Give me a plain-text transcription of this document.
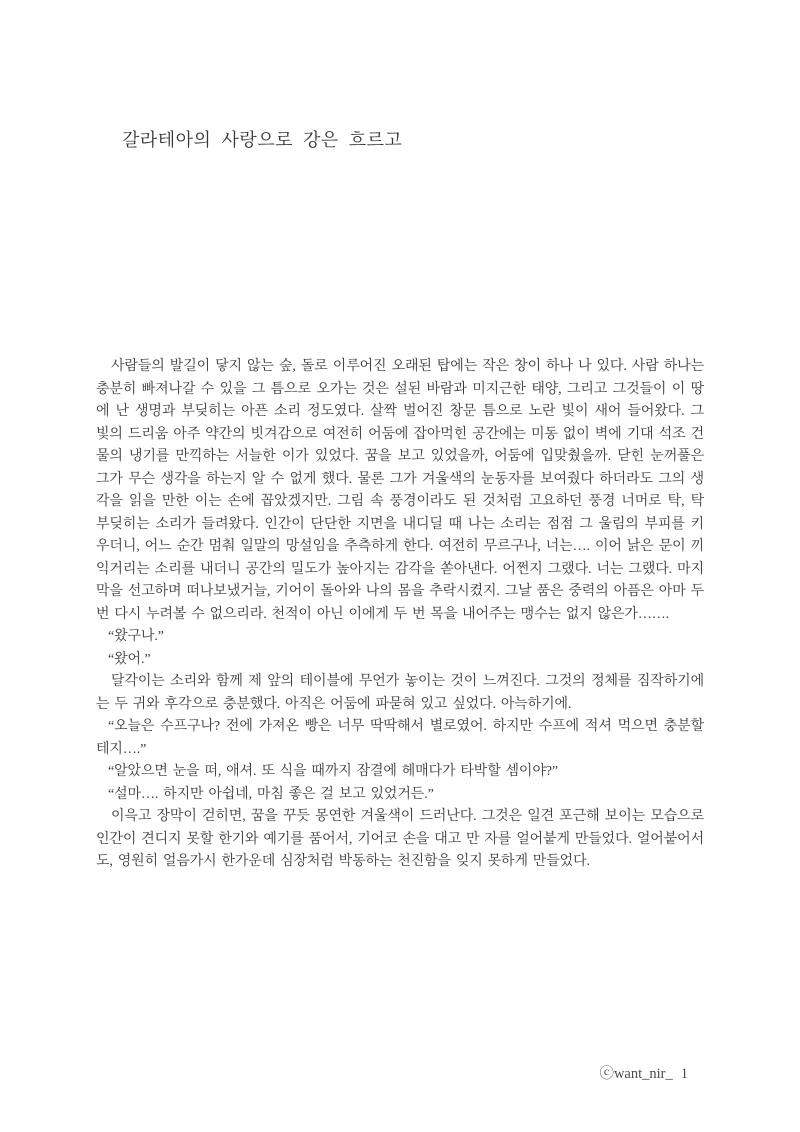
갈라테아의 사랑으로 강은 흐르고

사람들의 발길이 닿지 않는 숲, 돌로 이루어진 오래된 탑에는 작은 창이 하나 나 있다. 사람 하나는 충분히 빠져나갈 수 있을 그 틈으로 오가는 것은 설된 바람과 미지근한 태양, 그리고 그것들이 이 땅에 난 생명과 부딪히는 아픈 소리 정도였다. 살짝 벌어진 창문 틈으로 노란 빛이 새어 들어왔다. 그 빛의 드리움 아주 약간의 빗겨감으로 여전히 어둠에 잡아먹힌 공간에는 미동 없이 벽에 기대 석조 건물의 냉기를 만끽하는 서늘한 이가 있었다. 꿈을 보고 있었을까, 어둠에 입맞췄을까. 닫힌 눈꺼풀은 그가 무슨 생각을 하는지 알 수 없게 했다. 물론 그가 겨울색의 눈동자를 보여줬다 하더라도 그의 생각을 읽을 만한 이는 손에 꼽았겠지만. 그림 속 풍경이라도 된 것처럼 고요하던 풍경 너머로 탁, 탁 부딪히는 소리가 들려왔다. 인간이 단단한 지면을 내디딜 때 나는 소리는 점점 그 울림의 부피를 키우더니, 어느 순간 멈춰 일말의 망설임을 추측하게 한다. 여전히 무르구나, 너는…. 이어 낡은 문이 끼익거리는 소리를 내더니 공간의 밀도가 높아지는 감각을 쏟아낸다. 어쩐지 그랬다. 너는 그랬다. 마지막을 선고하며 떠나보냈거늘, 기어이 돌아와 나의 몸을 추락시켰지. 그날 품은 중력의 아픔은 아마 두 번 다시 누려볼 수 없으리라. 천적이 아닌 이에게 두 번 목을 내어주는 맹수는 없지 않은가…….

“왔구나.”

“왔어.”

달각이는 소리와 함께 제 앞의 테이블에 무언가 놓이는 것이 느껴진다. 그것의 정체를 짐작하기에는 두 귀와 후각으로 충분했다. 아직은 어둠에 파묻혀 있고 싶었다. 아늑하기에.

“오늘은 수프구나? 전에 가져온 빵은 너무 딱딱해서 별로였어. 하지만 수프에 적셔 먹으면 충분할 테지….”

“알았으면 눈을 떠, 애셔. 또 식을 때까지 잠결에 헤매다가 타박할 셈이야?”

“설마…. 하지만 아쉽네, 마침 좋은 걸 보고 있었거든.”

이윽고 장막이 걷히면, 꿈을 꾸듯 몽연한 겨울색이 드러난다. 그것은 일견 포근해 보이는 모습으로 인간이 견디지 못할 한기와 예기를 품어서, 기어코 손을 대고 만 자를 얼어붙게 만들었다. 얼어붙어서도, 영원히 얼음가시 한가운데 심장처럼 박동하는 천진함을 잊지 못하게 만들었다.

ⓒwant_nir_ 1
